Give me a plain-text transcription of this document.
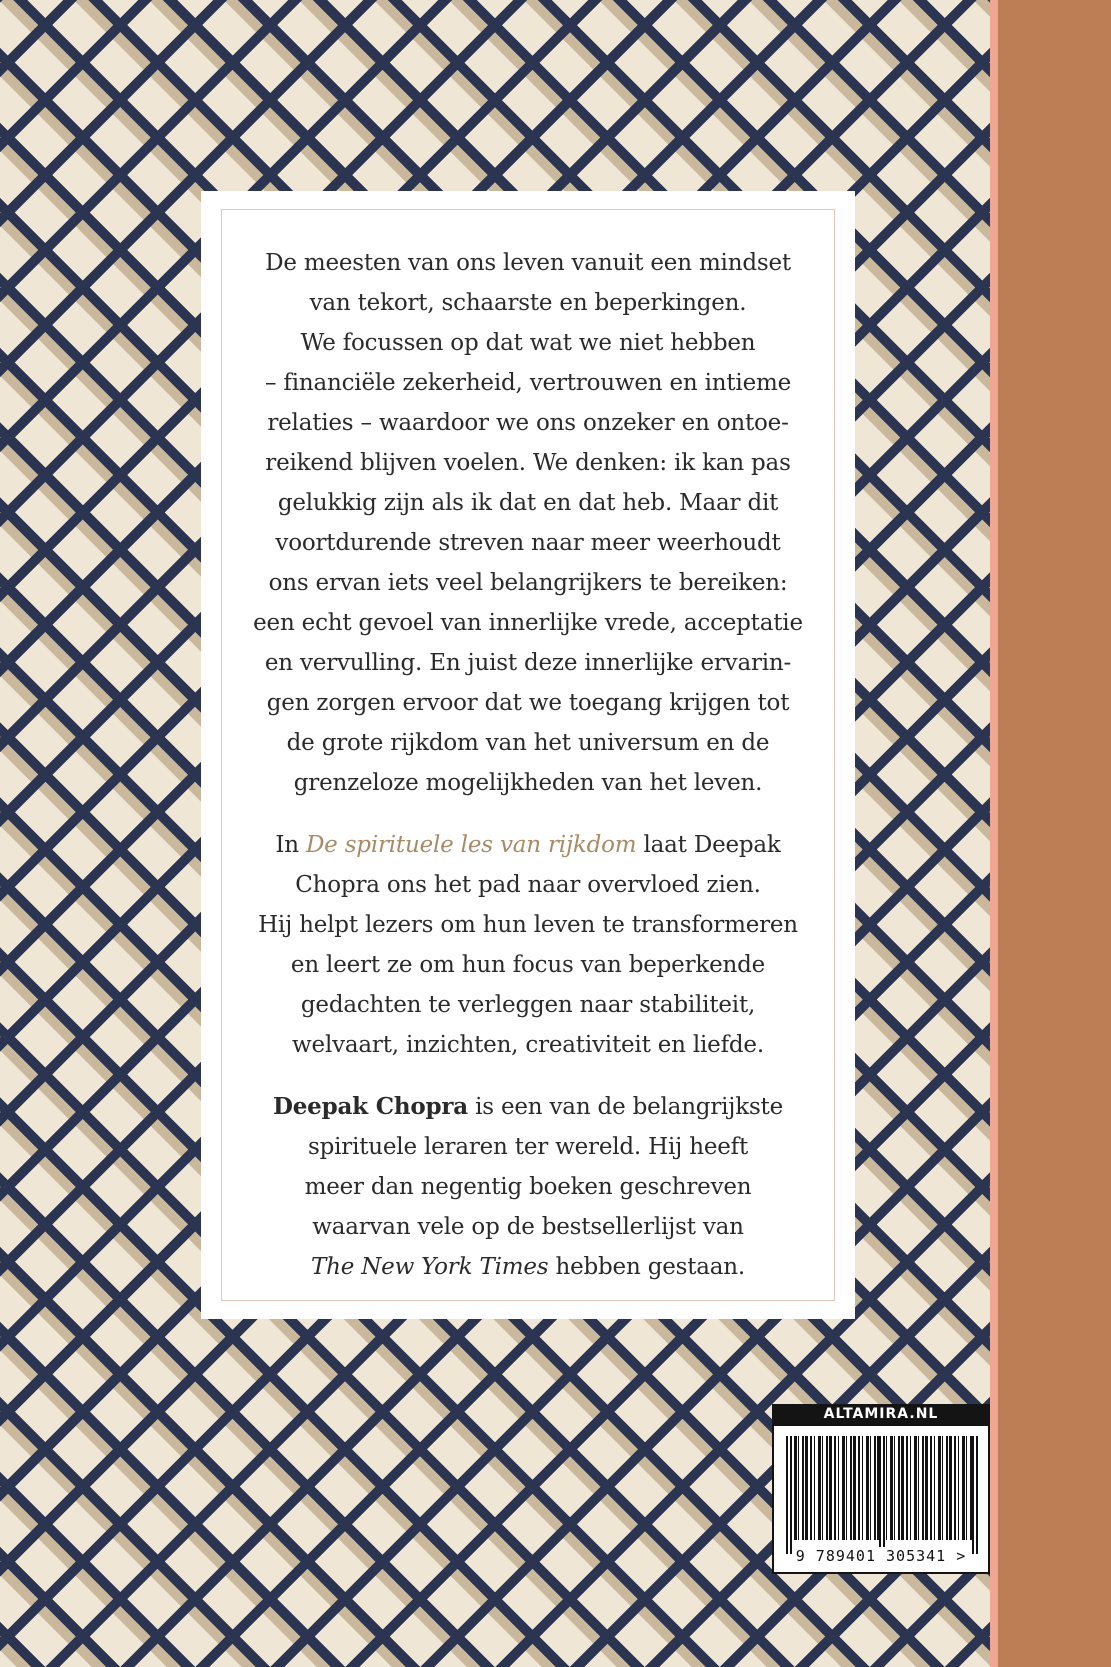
De meesten van ons leven vanuit een mindset

van tekort, schaarste en beperkingen.

We focussen op dat wat we niet hebben

– financiële zekerheid, vertrouwen en intieme

relaties – waardoor we ons onzeker en ontoe-

reikend blijven voelen. We denken: ik kan pas

gelukkig zijn als ik dat en dat heb. Maar dit

voortdurende streven naar meer weerhoudt

ons ervan iets veel belangrijkers te bereiken:

een echt gevoel van innerlijke vrede, acceptatie

en vervulling. En juist deze innerlijke ervarin-

gen zorgen ervoor dat we toegang krijgen tot

de grote rijkdom van het universum en de

grenzeloze mogelijkheden van het leven.

In De spirituele les van rijkdom laat Deepak

Chopra ons het pad naar overvloed zien.

Hij helpt lezers om hun leven te transformeren

en leert ze om hun focus van beperkende

gedachten te verleggen naar stabiliteit,

welvaart, inzichten, creativiteit en liefde.

Deepak Chopra is een van de belangrijkste

spirituele leraren ter wereld. Hij heeft

meer dan negentig boeken geschreven

waarvan vele op de bestsellerlijst van

The New York Times hebben gestaan.

ALTAMIRA.NL
9 789401 305341 >
